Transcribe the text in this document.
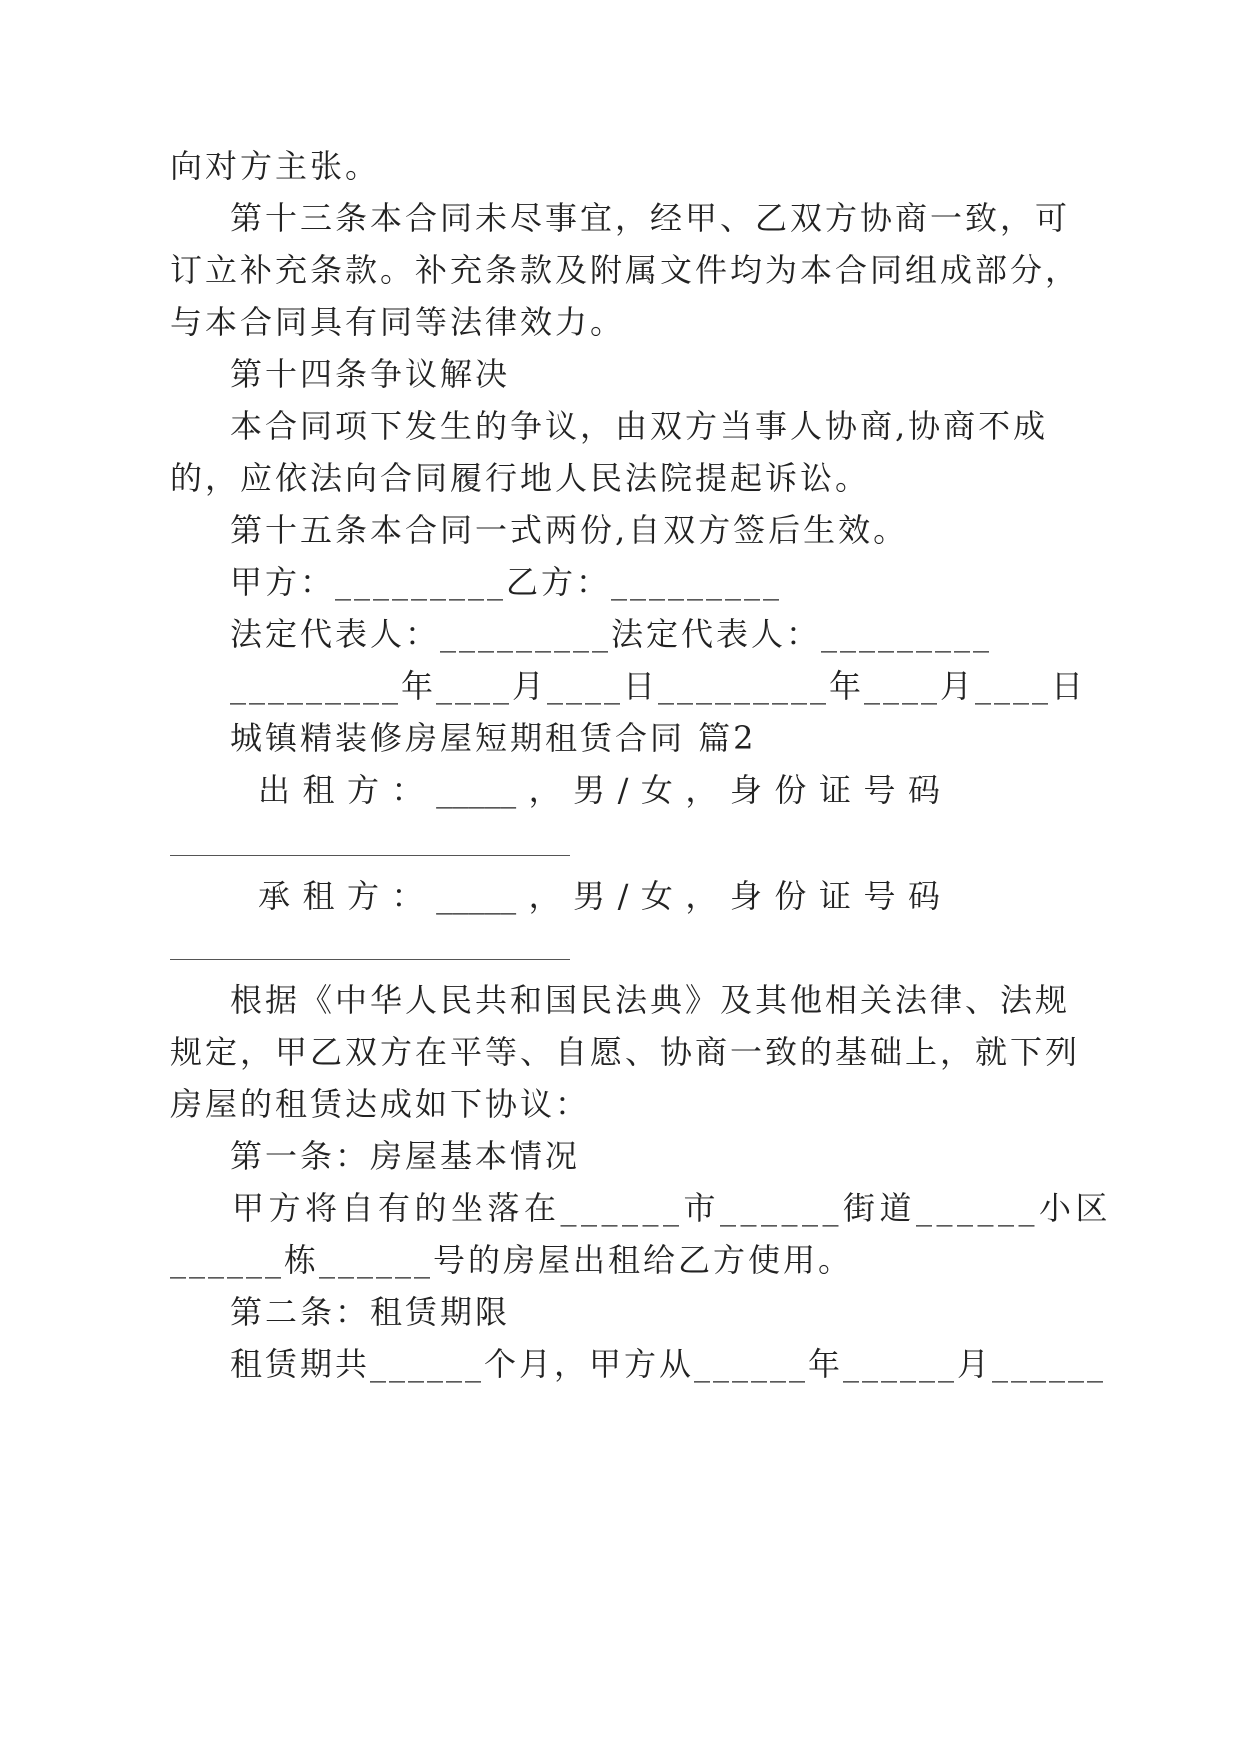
向对方主张。
第十三条本合同未尽事宜，经甲、乙双方协商一致，可
订立补充条款。补充条款及附属文件均为本合同组成部分，
与本合同具有同等法律效力。
第十四条争议解决
本合同项下发生的争议，由双方当事人协商,协商不成
的，应依法向合同履行地人民法院提起诉讼。
第十五条本合同一式两份,自双方签后生效。
甲方：_________乙方：_________
法定代表人：_________法定代表人：_________
_________年____月____日_________年____月____日
城镇精装修房屋短期租赁合同 篇2
出 租 方 ： _____ ， 男 / 女 ， 身 份 证 号 码
承 租 方 ： _____ ， 男 / 女 ， 身 份 证 号 码
根据《中华人民共和国民法典》及其他相关法律、法规
规定，甲乙双方在平等、自愿、协商一致的基础上，就下列
房屋的租赁达成如下协议：
第一条：房屋基本情况
甲方将自有的坐落在______市______街道______小区
______栋______号的房屋出租给乙方使用。
第二条：租赁期限
租赁期共______个月，甲方从______年______月______
